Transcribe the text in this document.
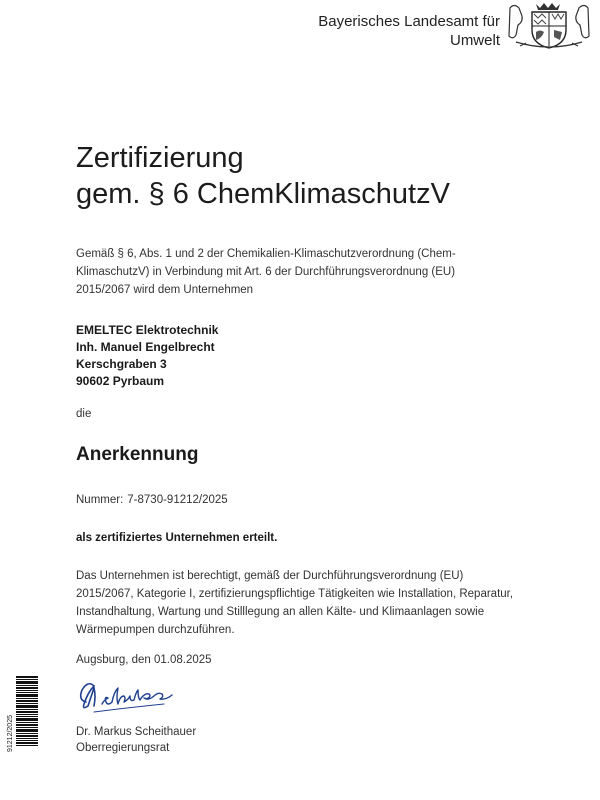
Bayerisches Landesamt für
Umwelt
Zertifizierung
gem. § 6 ChemKlimaschutzV
Gemäß § 6, Abs. 1 und 2 der Chemikalien-Klimaschutzverordnung (Chem-KlimaschutzV) in Verbindung mit Art. 6 der Durchführungsverordnung (EU) 2015/2067 wird dem Unternehmen
EMELTEC Elektrotechnik
Inh. Manuel Engelbrecht
Kerschgraben 3
90602 Pyrbaum
die
Anerkennung
Nummer: 7-8730-91212/2025
als zertifiziertes Unternehmen erteilt.
Das Unternehmen ist berechtigt, gemäß der Durchführungsverordnung (EU) 2015/2067, Kategorie I, zertifizierungspflichtige Tätigkeiten wie Installation, Reparatur, Instandhaltung, Wartung und Stilllegung an allen Kälte- und Klimaanlagen sowie Wärmepumpen durchzuführen.
Augsburg, den 01.08.2025
Dr. Markus Scheithauer
Oberregierungsrat
91212/2025
